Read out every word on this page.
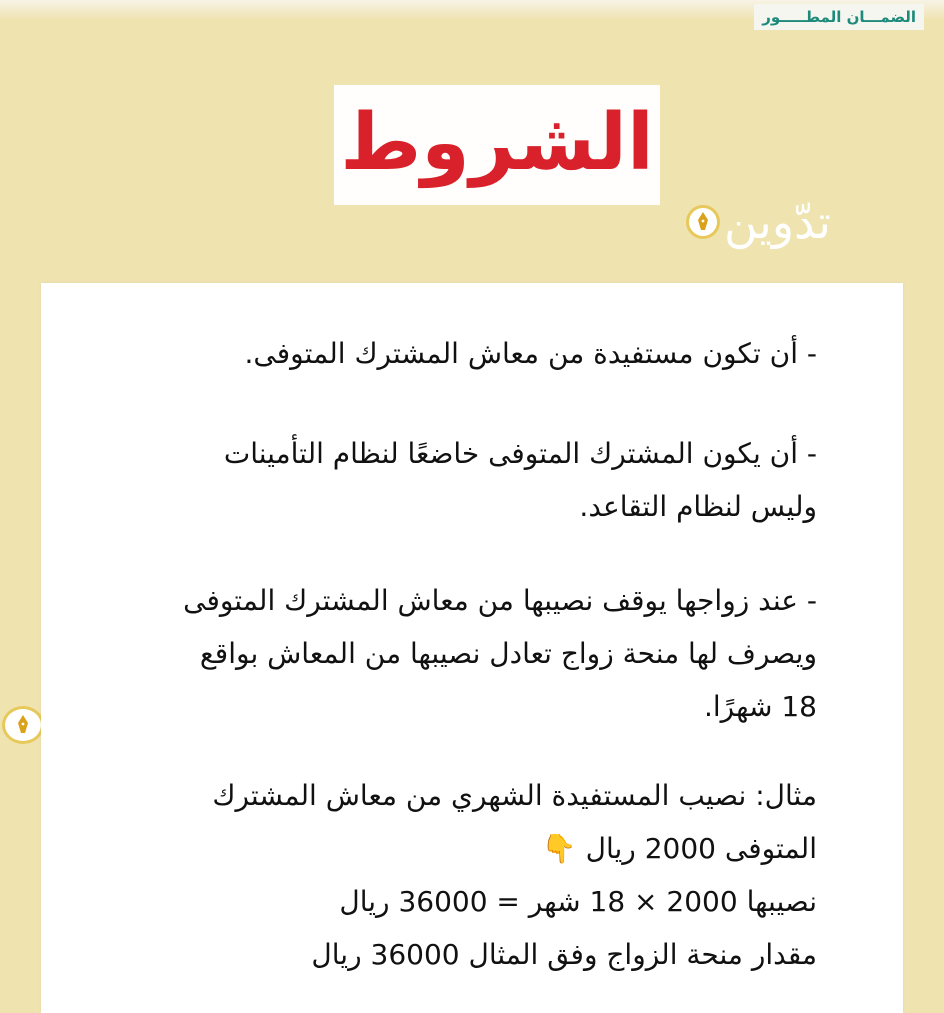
الضمـــان المطـــــور
الشروط
تدّوين

- أن تكون مستفيدة من معاش المشترك المتوفى.

- أن يكون المشترك المتوفى خاضعًا لنظام التأمينات

وليس لنظام التقاعد.

- عند زواجها يوقف نصيبها من معاش المشترك المتوفى

ويصرف لها منحة زواج تعادل نصيبها من المعاش بواقع

18 شهرًا.

مثال: نصيب المستفيدة الشهري من معاش المشترك

المتوفى 2000 ريال 👇

نصيبها 2000 × 18 شهر = 36000 ريال

مقدار منحة الزواج وفق المثال 36000 ريال
